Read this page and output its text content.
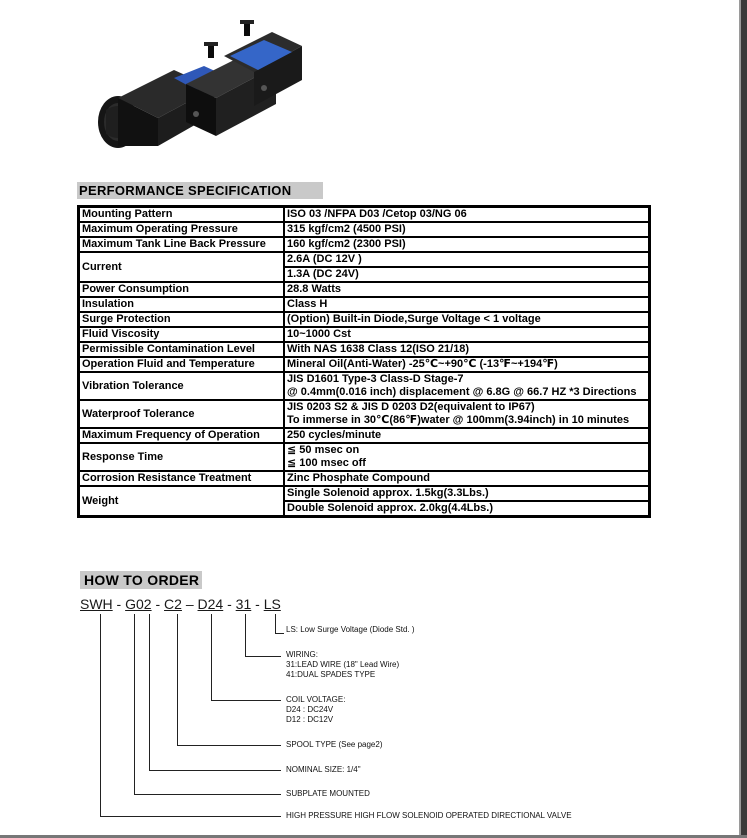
PERFORMANCE SPECIFICATION
Mounting Pattern	ISO 03 /NFPA D03 /Cetop 03/NG 06
Maximum Operating Pressure	315 kgf/cm2 (4500 PSI)
Maximum Tank Line Back Pressure	160 kgf/cm2 (2300 PSI)
Current	2.6A (DC 12V )
1.3A (DC 24V)

Power Consumption	28.8 Watts
Insulation	Class H
Surge Protection	(Option) Built-in Diode,Surge Voltage < 1 voltage
Fluid Viscosity	10~1000 Cst
Permissible Contamination Level	With NAS 1638 Class 12(ISO 21/18)
Operation Fluid and Temperature	Mineral Oil(Anti-Water) -25℃~+90℃ (-13℉~+194℉)
Vibration Tolerance	JIS D1601 Type-3 Class-D Stage-7
@ 0.4mm(0.016 inch) displacement @ 6.8G @ 66.7 HZ *3 Directions

Waterproof Tolerance	JIS 0203 S2 & JIS D 0203 D2(equivalent to IP67)
To immerse in 30℃(86℉)water @ 100mm(3.94inch) in 10 minutes

Maximum Frequency of Operation	250 cycles/minute
Response Time	≦ 50 msec on
≦ 100 msec off

Corrosion Resistance Treatment	Zinc Phosphate Compound
Weight	Single Solenoid approx. 1.5kg(3.3Lbs.)
Double Solenoid approx. 2.0kg(4.4Lbs.)
HOW TO ORDER
SWH - G02 - C2 – D24 - 31 - LS
LS: Low Surge Voltage (Diode Std. )
WIRING:
31:LEAD WIRE (18" Lead Wire)
41:DUAL SPADES TYPE
COIL VOLTAGE:
D24 : DC24V
D12 : DC12V
SPOOL TYPE (See page2)
NOMINAL SIZE: 1/4"
SUBPLATE MOUNTED
HIGH PRESSURE HIGH FLOW SOLENOID OPERATED DIRECTIONAL VALVE
